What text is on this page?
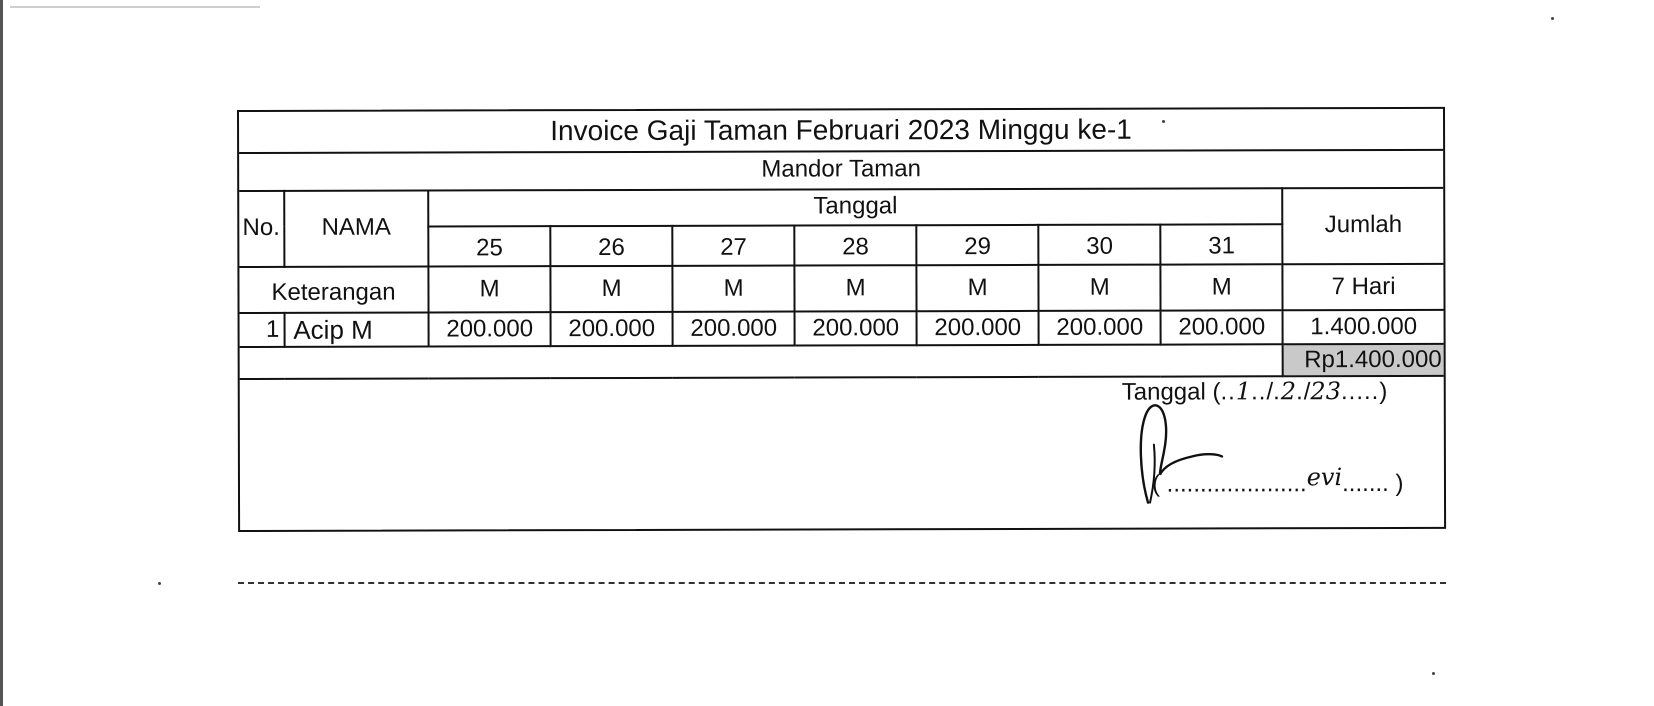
Invoice Gaji Taman Februari 2023 Minggu ke-1
Mandor Taman
No.	NAMA	Tanggal							Jumlah
		25	26	27	28	29	30	31	
Keterangan		M	M	M	M	M	M	M	7 Hari
1	Acip M	200.000	200.000	200.000	200.000	200.000	200.000	200.000	1.400.000
									Rp1.400.000
Tanggal (..1../.2./23.....)
( .....................evi....... )
